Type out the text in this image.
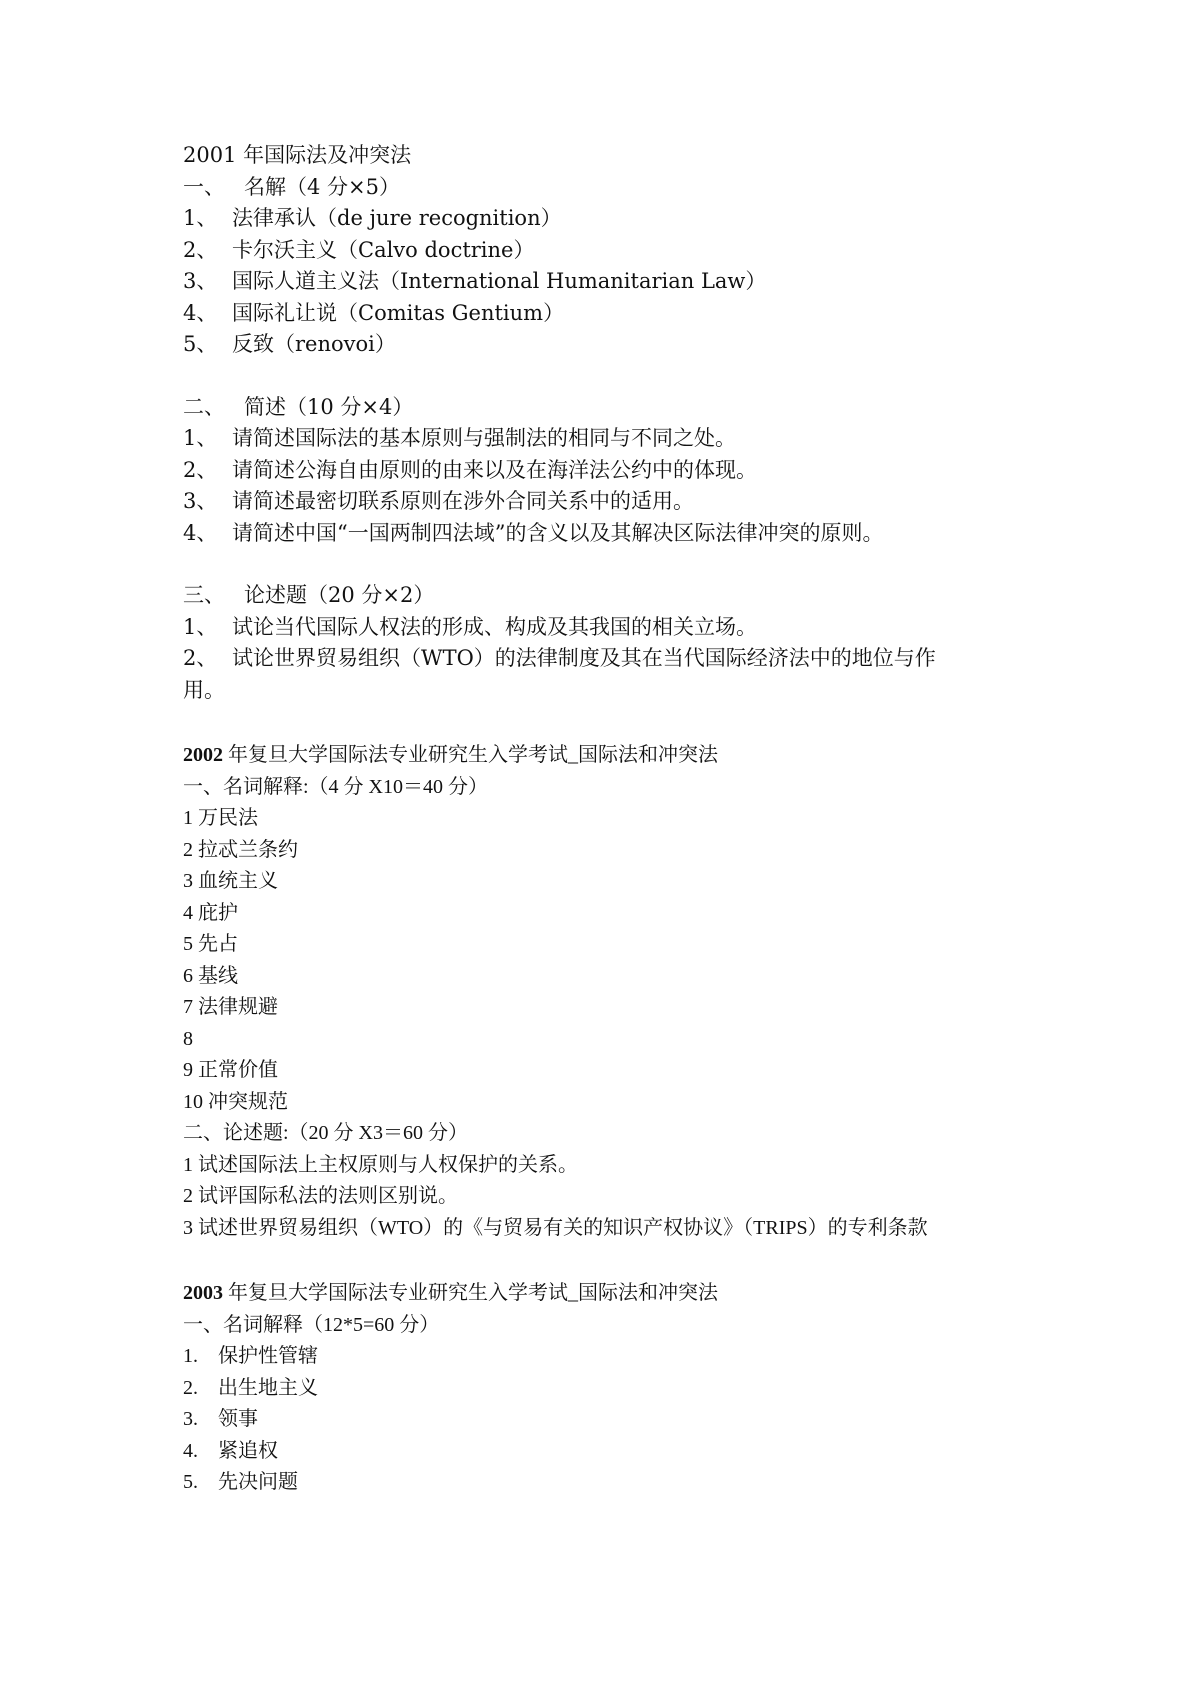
2001 年国际法及冲突法
一、 名解（4 分×5）
1、 法律承认（de jure recognition）
2、 卡尔沃主义（Calvo doctrine）
3、 国际人道主义法（International Humanitarian Law）
4、 国际礼让说（Comitas Gentium）
5、 反致（renovoi）
二、 简述（10 分×4）
1、 请简述国际法的基本原则与强制法的相同与不同之处。
2、 请简述公海自由原则的由来以及在海洋法公约中的体现。
3、 请简述最密切联系原则在涉外合同关系中的适用。
4、 请简述中国“一国两制四法域”的含义以及其解决区际法律冲突的原则。
三、 论述题（20 分×2）
1、 试论当代国际人权法的形成、构成及其我国的相关立场。
2、 试论世界贸易组织（WTO）的法律制度及其在当代国际经济法中的地位与作
用。
2002 年复旦大学国际法专业研究生入学考试_国际法和冲突法
一、名词解释:（4 分 X10＝40 分）
1 万民法
2 拉忒兰条约
3 血统主义
4 庇护
5 先占
6 基线
7 法律规避
8
9 正常价值
10 冲突规范
二、论述题:（20 分 X3＝60 分）
1 试述国际法上主权原则与人权保护的关系。
2 试评国际私法的法则区别说。
3 试述世界贸易组织（WTO）的《与贸易有关的知识产权协议》（TRIPS）的专利条款
2003 年复旦大学国际法专业研究生入学考试_国际法和冲突法
一、名词解释（12*5=60 分）
1. 保护性管辖
2. 出生地主义
3. 领事
4. 紧追权
5. 先决问题
